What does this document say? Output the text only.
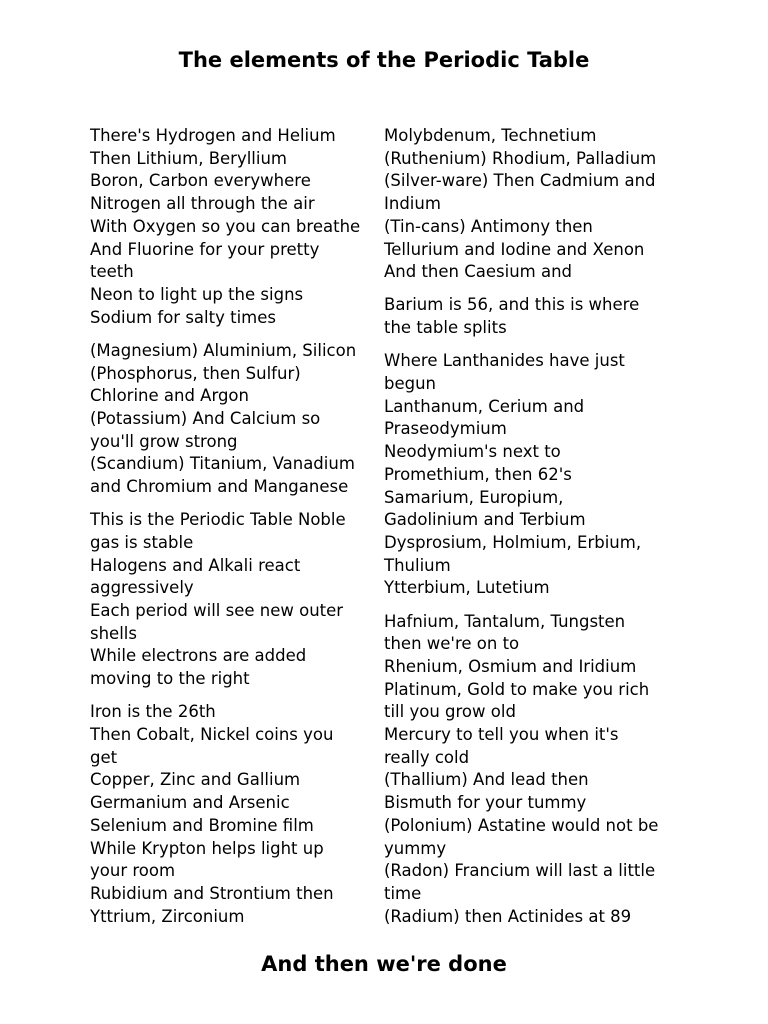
The elements of the Periodic Table
There's Hydrogen and Helium
Then Lithium, Beryllium
Boron, Carbon everywhere
Nitrogen all through the air
With Oxygen so you can breathe
And Fluorine for your pretty
teeth
Neon to light up the signs
Sodium for salty times
(Magnesium) Aluminium, Silicon
(Phosphorus, then Sulfur)
Chlorine and Argon
(Potassium) And Calcium so
you'll grow strong
(Scandium) Titanium, Vanadium
and Chromium and Manganese
This is the Periodic Table Noble
gas is stable
Halogens and Alkali react
aggressively
Each period will see new outer
shells
While electrons are added
moving to the right
Iron is the 26th
Then Cobalt, Nickel coins you
get
Copper, Zinc and Gallium
Germanium and Arsenic
Selenium and Bromine film
While Krypton helps light up
your room
Rubidium and Strontium then
Yttrium, Zirconium
Molybdenum, Technetium
(Ruthenium) Rhodium, Palladium
(Silver-ware) Then Cadmium and
Indium
(Tin-cans) Antimony then
Tellurium and Iodine and Xenon
And then Caesium and
Barium is 56, and this is where
the table splits
Where Lanthanides have just
begun
Lanthanum, Cerium and
Praseodymium
Neodymium's next to
Promethium, then 62's
Samarium, Europium,
Gadolinium and Terbium
Dysprosium, Holmium, Erbium,
Thulium
Ytterbium, Lutetium
Hafnium, Tantalum, Tungsten
then we're on to
Rhenium, Osmium and Iridium
Platinum, Gold to make you rich
till you grow old
Mercury to tell you when it's
really cold
(Thallium) And lead then
Bismuth for your tummy
(Polonium) Astatine would not be
yummy
(Radon) Francium will last a little
time
(Radium) then Actinides at 89
And then we're done
